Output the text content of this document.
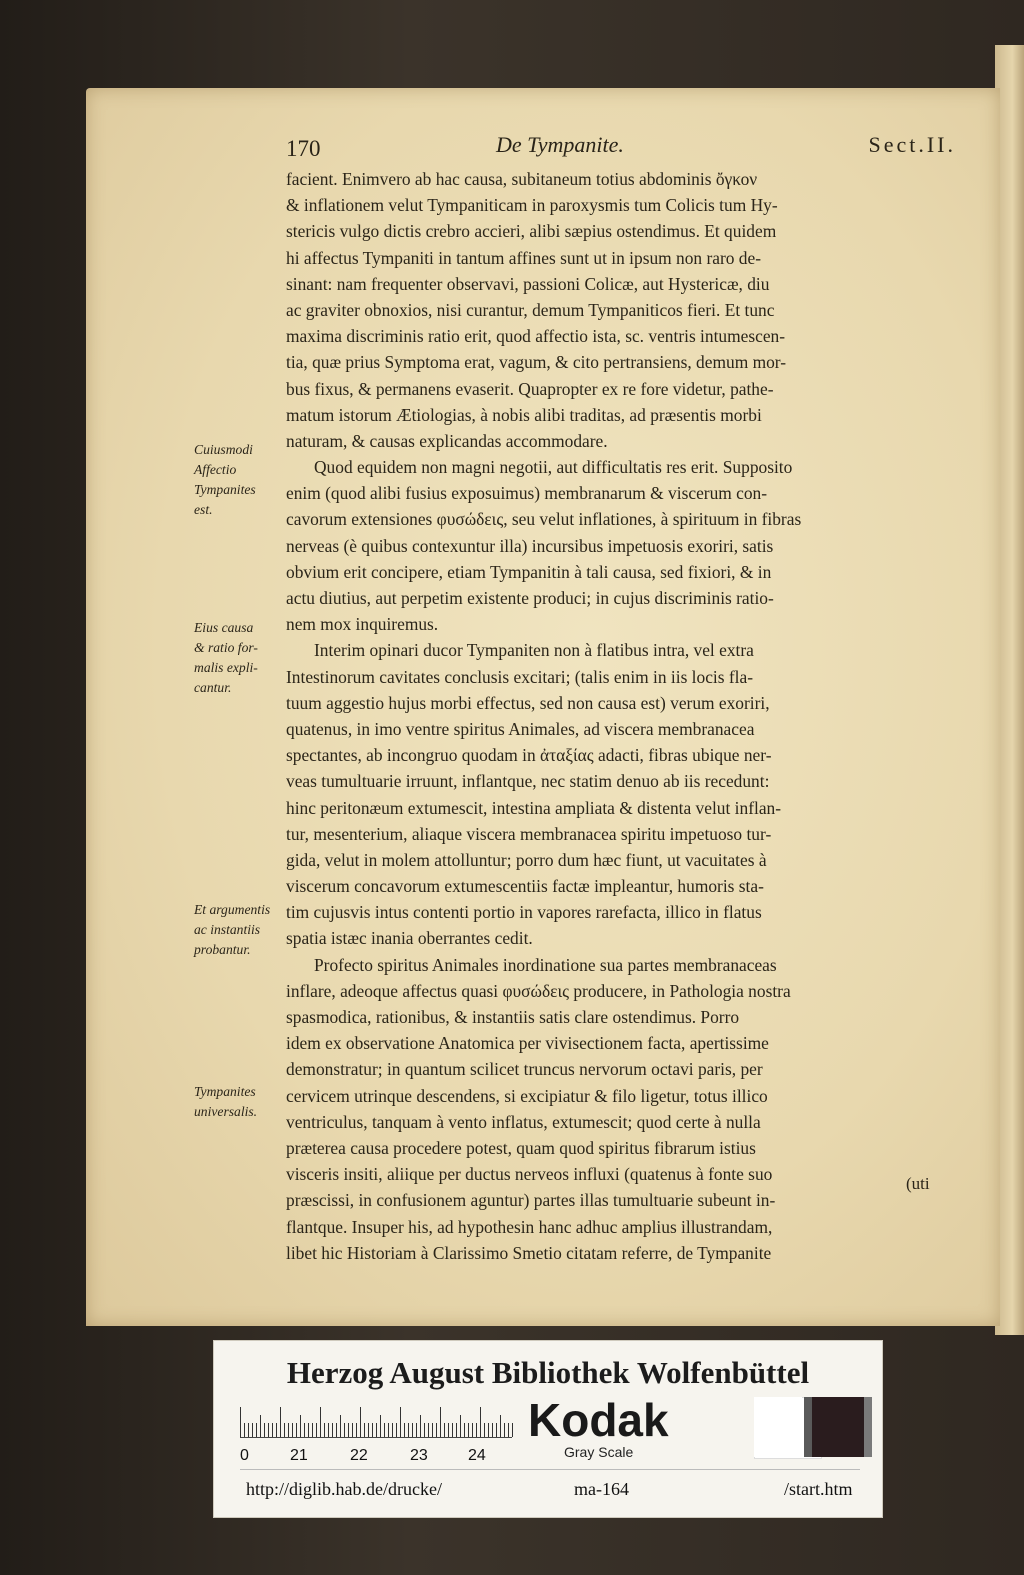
170	De Tympanite.	Sect.II.
Cuiusmodi
Affectio
Tympanites
est.
Eius causa
& ratio for-
malis expli-
cantur.
Et argumentis
ac instantiis
probantur.
Tympanites
universalis.
facient. Enimvero ab hac causa, subitaneum totius abdominis ὄγκον
& inflationem velut Tympaniticam in paroxysmis tum Colicis tum Hy-
stericis vulgo dictis crebro accieri, alibi sæpius ostendimus. Et quidem
hi affectus Tympaniti in tantum affines sunt ut in ipsum non raro de-
sinant: nam frequenter observavi, passioni Colicæ, aut Hystericæ, diu
ac graviter obnoxios, nisi curantur, demum Tympaniticos fieri. Et tunc
maxima discriminis ratio erit, quod affectio ista, sc. ventris intumescen-
tia, quæ prius Symptoma erat, vagum, & cito pertransiens, demum mor-
bus fixus, & permanens evaserit. Quapropter ex re fore videtur, pathe-
matum istorum Ætiologias, à nobis alibi traditas, ad præsentis morbi
naturam, & causas explicandas accommodare.
Quod equidem non magni negotii, aut difficultatis res erit. Supposito
enim (quod alibi fusius exposuimus) membranarum & viscerum con-
cavorum extensiones φυσώδεις, seu velut inflationes, à spirituum in fibras
nerveas (è quibus contexuntur illa) incursibus impetuosis exoriri, satis
obvium erit concipere, etiam Tympanitin à tali causa, sed fixiori, & in
actu diutius, aut perpetim existente produci; in cujus discriminis ratio-
nem mox inquiremus.
Interim opinari ducor Tympaniten non à flatibus intra, vel extra
Intestinorum cavitates conclusis excitari; (talis enim in iis locis fla-
tuum aggestio hujus morbi effectus, sed non causa est) verum exoriri,
quatenus, in imo ventre spiritus Animales, ad viscera membranacea
spectantes, ab incongruo quodam in ἀταξίας adacti, fibras ubique ner-
veas tumultuarie irruunt, inflantque, nec statim denuo ab iis recedunt:
hinc peritonæum extumescit, intestina ampliata & distenta velut inflan-
tur, mesenterium, aliaque viscera membranacea spiritu impetuoso tur-
gida, velut in molem attolluntur; porro dum hæc fiunt, ut vacuitates à
viscerum concavorum extumescentiis factæ impleantur, humoris sta-
tim cujusvis intus contenti portio in vapores rarefacta, illico in flatus
spatia istæc inania oberrantes cedit.
Profecto spiritus Animales inordinatione sua partes membranaceas
inflare, adeoque affectus quasi φυσώδεις producere, in Pathologia nostra
spasmodica, rationibus, & instantiis satis clare ostendimus. Porro
idem ex observatione Anatomica per vivisectionem facta, apertissime
demonstratur; in quantum scilicet truncus nervorum octavi paris, per
cervicem utrinque descendens, si excipiatur & filo ligetur, totus illico
ventriculus, tanquam à vento inflatus, extumescit; quod certe à nulla
præterea causa procedere potest, quam quod spiritus fibrarum istius
visceris insiti, aliique per ductus nerveos influxi (quatenus à fonte suo
præscissi, in confusionem aguntur) partes illas tumultuarie subeunt in-
flantque. Insuper his, ad hypothesin hanc adhuc amplius illustrandam,
libet hic Historiam à Clarissimo Smetio citatam referre, de Tympanite
(uti
Herzog August Bibliothek Wolfenbüttel
0	21	22	23	24
Kodak
Gray Scale
http://diglib.hab.de/drucke/	ma-164	/start.htm
